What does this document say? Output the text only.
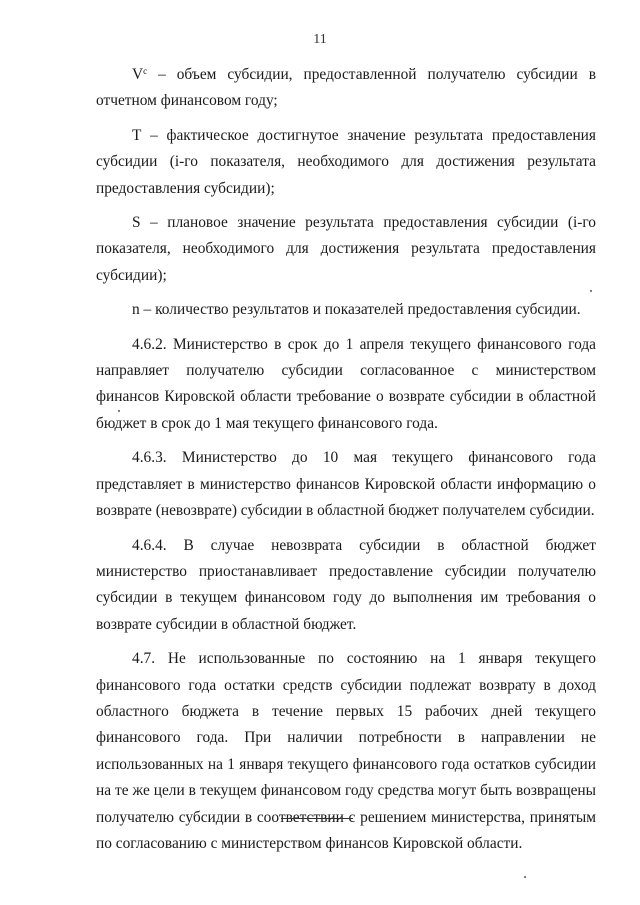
11

$V^с$ – объем субсидии, предоставленной получателю субсидии в отчетном финансовом году;

Т – фактическое достигнутое значение результата предоставления субсидии (i-го показателя, необходимого для достижения результата предоставления субсидии);

S – плановое значение результата предоставления субсидии (i-го показателя, необходимого для достижения результата предоставления субсидии);

n – количество результатов и показателей предоставления субсидии.

4.6.2. Министерство в срок до 1 апреля текущего финансового года направляет получателю субсидии согласованное с министерством финансов Кировской области требование о возврате субсидии в областной бюджет в срок до 1 мая текущего финансового года.

4.6.3. Министерство до 10 мая текущего финансового года представляет в министерство финансов Кировской области информацию о возврате (невозврате) субсидии в областной бюджет получателем субсидии.

4.6.4. В случае невозврата субсидии в областной бюджет министерство приостанавливает предоставление субсидии получателю субсидии в текущем финансовом году до выполнения им требования о возврате субсидии в областной бюджет.

4.7. Не использованные по состоянию на 1 января текущего финансового года остатки средств субсидии подлежат возврату в доход областного бюджета в течение первых 15 рабочих дней текущего финансового года. При наличии потребности в направлении не использованных на 1 января текущего финансового года остатков субсидии на те же цели в текущем финансовом году средства могут быть возвращены получателю субсидии в соответствии с решением министерства, принятым по согласованию с министерством финансов Кировской области.
